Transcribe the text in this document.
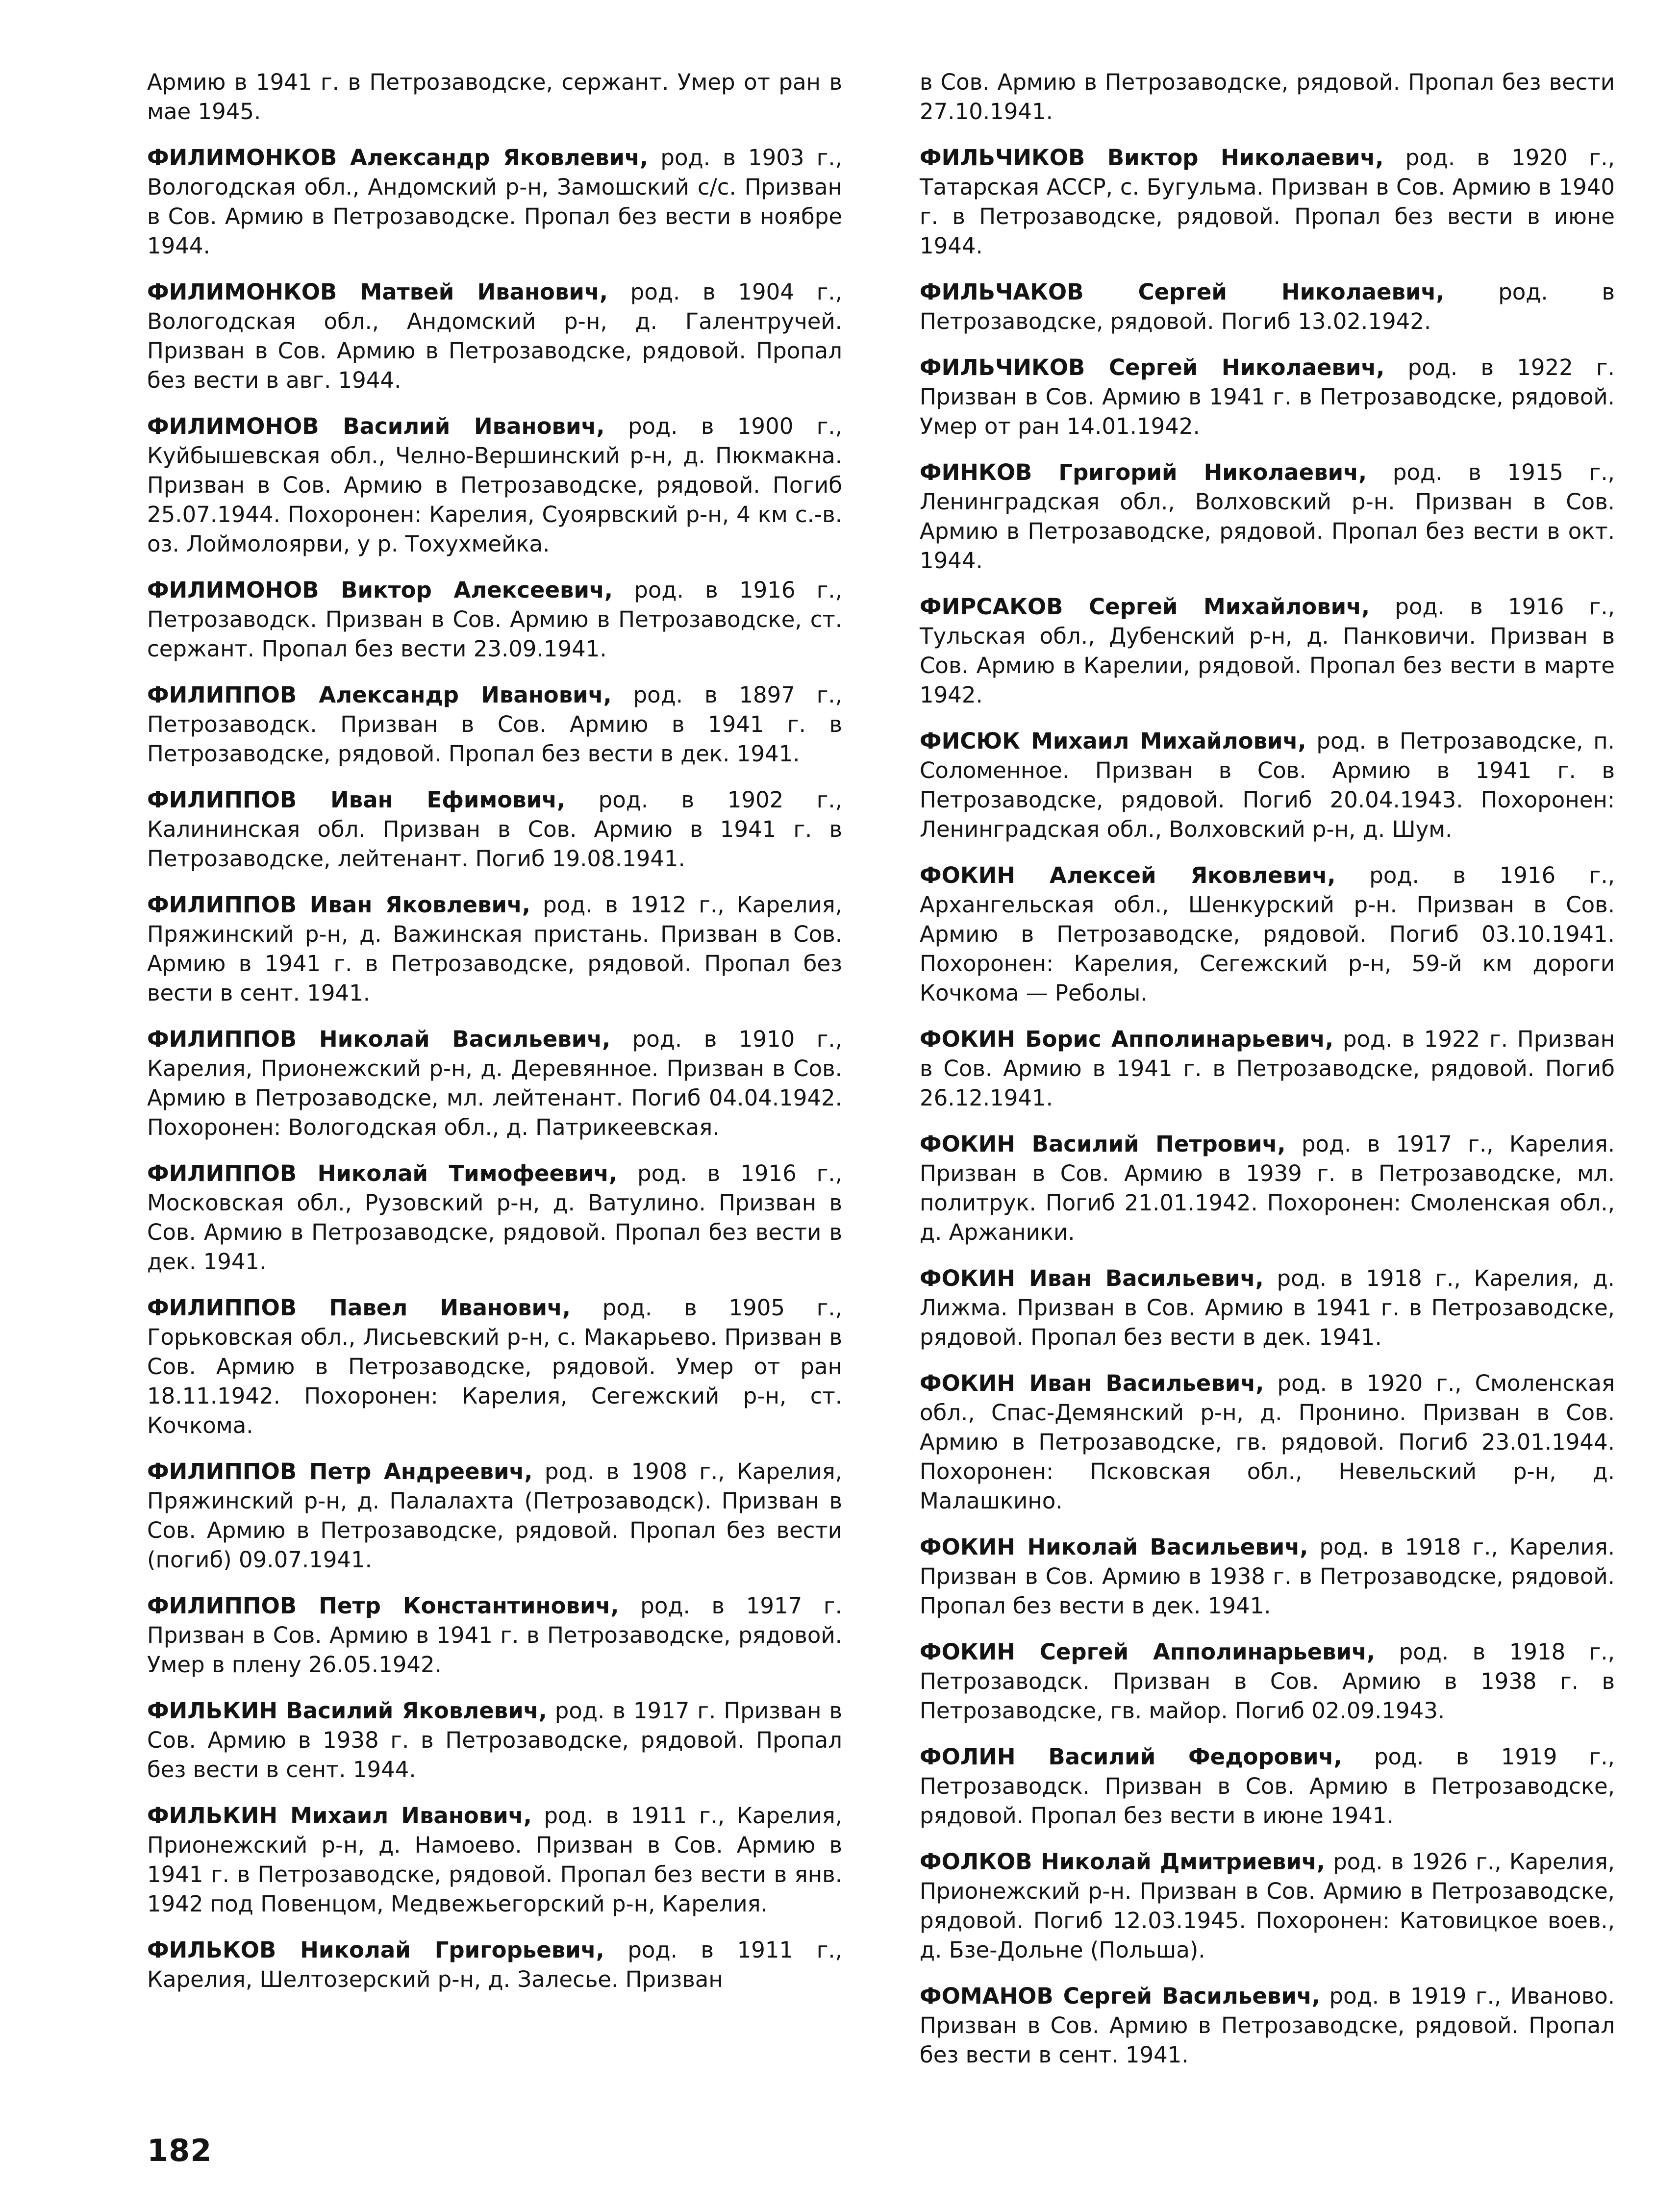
Армию в 1941 г. в Петрозаводске, сержант. Умер от ран в мае 1945.

ФИЛИМОНКОВ Александр Яковлевич, род. в 1903 г., Вологодская обл., Андомский р-н, Замошский с/с. Призван в Сов. Армию в Петрозаводске. Пропал без вести в ноябре 1944.

ФИЛИМОНКОВ Матвей Иванович, род. в 1904 г., Вологодская обл., Андомский р-н, д. Галентручей. Призван в Сов. Армию в Петрозаводске, рядовой. Пропал без вести в авг. 1944.

ФИЛИМОНОВ Василий Иванович, род. в 1900 г., Куйбышевская обл., Челно-Вершинский р-н, д. Пюкмакна. Призван в Сов. Армию в Петрозаводске, рядовой. Погиб 25.07.1944. Похоронен: Карелия, Суоярвский р-н, 4 км с.-в. оз. Лоймолоярви, у р. Тохухмейка.

ФИЛИМОНОВ Виктор Алексеевич, род. в 1916 г., Петрозаводск. Призван в Сов. Армию в Петрозаводске, ст. сержант. Пропал без вести 23.09.1941.

ФИЛИППОВ Александр Иванович, род. в 1897 г., Петрозаводск. Призван в Сов. Армию в 1941 г. в Петрозаводске, рядовой. Пропал без вести в дек. 1941.

ФИЛИППОВ Иван Ефимович, род. в 1902 г., Калининская обл. Призван в Сов. Армию в 1941 г. в Петрозаводске, лейтенант. Погиб 19.08.1941.

ФИЛИППОВ Иван Яковлевич, род. в 1912 г., Карелия, Пряжинский р-н, д. Важинская пристань. Призван в Сов. Армию в 1941 г. в Петрозаводске, рядовой. Пропал без вести в сент. 1941.

ФИЛИППОВ Николай Васильевич, род. в 1910 г., Карелия, Прионежский р-н, д. Деревянное. Призван в Сов. Армию в Петрозаводске, мл. лейтенант. Погиб 04.04.1942. Похоронен: Вологодская обл., д. Патрикеевская.

ФИЛИППОВ Николай Тимофеевич, род. в 1916 г., Московская обл., Рузовский р-н, д. Ватулино. Призван в Сов. Армию в Петрозаводске, рядовой. Пропал без вести в дек. 1941.

ФИЛИППОВ Павел Иванович, род. в 1905 г., Горьковская обл., Лисьевский р-н, с. Макарьево. Призван в Сов. Армию в Петрозаводске, рядовой. Умер от ран 18.11.1942. Похоронен: Карелия, Сегежский р-н, ст. Кочкома.

ФИЛИППОВ Петр Андреевич, род. в 1908 г., Карелия, Пряжинский р-н, д. Палалахта (Петрозаводск). Призван в Сов. Армию в Петрозаводске, рядовой. Пропал без вести (погиб) 09.07.1941.

ФИЛИППОВ Петр Константинович, род. в 1917 г. Призван в Сов. Армию в 1941 г. в Петрозаводске, рядовой. Умер в плену 26.05.1942.

ФИЛЬКИН Василий Яковлевич, род. в 1917 г. Призван в Сов. Армию в 1938 г. в Петрозаводске, рядовой. Пропал без вести в сент. 1944.

ФИЛЬКИН Михаил Иванович, род. в 1911 г., Карелия, Прионежский р-н, д. Намоево. Призван в Сов. Армию в 1941 г. в Петрозаводске, рядовой. Пропал без вести в янв. 1942 под Повенцом, Медвежьегорский р-н, Карелия.

ФИЛЬКОВ Николай Григорьевич, род. в 1911 г., Карелия, Шелтозерский р-н, д. Залесье. Призван

в Сов. Армию в Петрозаводске, рядовой. Пропал без вести 27.10.1941.

ФИЛЬЧИКОВ Виктор Николаевич, род. в 1920 г., Татарская АССР, с. Бугульма. Призван в Сов. Армию в 1940 г. в Петрозаводске, рядовой. Пропал без вести в июне 1944.

ФИЛЬЧАКОВ Сергей Николаевич, род. в Петрозаводске, рядовой. Погиб 13.02.1942.

ФИЛЬЧИКОВ Сергей Николаевич, род. в 1922 г. Призван в Сов. Армию в 1941 г. в Петрозаводске, рядовой. Умер от ран 14.01.1942.

ФИНКОВ Григорий Николаевич, род. в 1915 г., Ленинградская обл., Волховский р-н. Призван в Сов. Армию в Петрозаводске, рядовой. Пропал без вести в окт. 1944.

ФИРСАКОВ Сергей Михайлович, род. в 1916 г., Тульская обл., Дубенский р-н, д. Панковичи. Призван в Сов. Армию в Карелии, рядовой. Пропал без вести в марте 1942.

ФИСЮК Михаил Михайлович, род. в Петрозаводске, п. Соломенное. Призван в Сов. Армию в 1941 г. в Петрозаводске, рядовой. Погиб 20.04.1943. Похоронен: Ленинградская обл., Волховский р-н, д. Шум.

ФОКИН Алексей Яковлевич, род. в 1916 г., Архангельская обл., Шенкурский р-н. Призван в Сов. Армию в Петрозаводске, рядовой. Погиб 03.10.1941. Похоронен: Карелия, Сегежский р-н, 59-й км дороги Кочкома — Реболы.

ФОКИН Борис Апполинарьевич, род. в 1922 г. Призван в Сов. Армию в 1941 г. в Петрозаводске, рядовой. Погиб 26.12.1941.

ФОКИН Василий Петрович, род. в 1917 г., Карелия. Призван в Сов. Армию в 1939 г. в Петрозаводске, мл. политрук. Погиб 21.01.1942. Похоронен: Смоленская обл., д. Аржаники.

ФОКИН Иван Васильевич, род. в 1918 г., Карелия, д. Лижма. Призван в Сов. Армию в 1941 г. в Петрозаводске, рядовой. Пропал без вести в дек. 1941.

ФОКИН Иван Васильевич, род. в 1920 г., Смоленская обл., Спас-Демянский р-н, д. Пронино. Призван в Сов. Армию в Петрозаводске, гв. рядовой. Погиб 23.01.1944. Похоронен: Псковская обл., Невельский р-н, д. Малашкино.

ФОКИН Николай Васильевич, род. в 1918 г., Карелия. Призван в Сов. Армию в 1938 г. в Петрозаводске, рядовой. Пропал без вести в дек. 1941.

ФОКИН Сергей Апполинарьевич, род. в 1918 г., Петрозаводск. Призван в Сов. Армию в 1938 г. в Петрозаводске, гв. майор. Погиб 02.09.1943.

ФОЛИН Василий Федорович, род. в 1919 г., Петрозаводск. Призван в Сов. Армию в Петрозаводске, рядовой. Пропал без вести в июне 1941.

ФОЛКОВ Николай Дмитриевич, род. в 1926 г., Карелия, Прионежский р-н. Призван в Сов. Армию в Петрозаводске, рядовой. Погиб 12.03.1945. Похоронен: Катовицкое воев., д. Бзе-Дольне (Польша).

ФОМАНОВ Сергей Васильевич, род. в 1919 г., Иваново. Призван в Сов. Армию в Петрозаводске, рядовой. Пропал без вести в сент. 1941.

182
